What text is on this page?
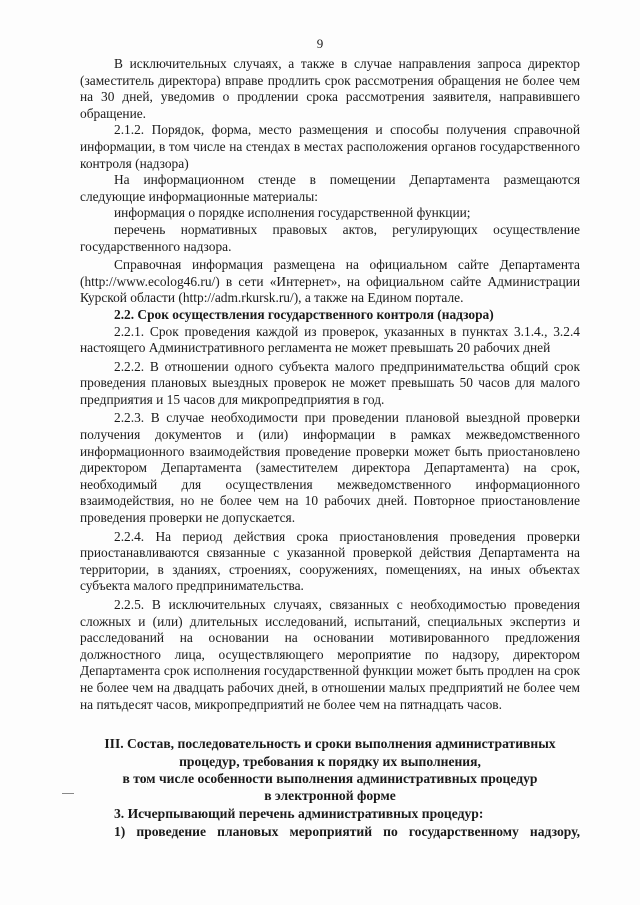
9

В исключительных случаях, а также в случае направления запроса директор (заместитель директора) вправе продлить срок рассмотрения обращения не более чем на 30 дней, уведомив о продлении срока рассмотрения заявителя, направившего обращение.

2.1.2. Порядок, форма, место размещения и способы получения справочной информации, в том числе на стендах в местах расположения органов государственного контроля (надзора)

На информационном стенде в помещении Департамента размещаются следующие информационные материалы:

информация о порядке исполнения государственной функции;

перечень нормативных правовых актов, регулирующих осуществление государственного надзора.

Справочная информация размещена на официальном сайте Департамента (http://www.ecolog46.ru/) в сети «Интернет», на официальном сайте Администрации Курской области (http://adm.rkursk.ru/), а также на Едином портале.

2.2. Срок осуществления государственного контроля (надзора)

2.2.1. Срок проведения каждой из проверок, указанных в пунктах 3.1.4., 3.2.4 настоящего Административного регламента не может превышать 20 рабочих дней

2.2.2. В отношении одного субъекта малого предпринимательства общий срок проведения плановых выездных проверок не может превышать 50 часов для малого предприятия и 15 часов для микропредприятия в год.

2.2.3. В случае необходимости при проведении плановой выездной проверки получения документов и (или) информации в рамках межведомственного информационного взаимодействия проведение проверки может быть приостановлено директором Департамента (заместителем директора Департамента) на срок, необходимый для осуществления межведомственного информационного взаимодействия, но не более чем на 10 рабочих дней. Повторное приостановление проведения проверки не допускается.

2.2.4. На период действия срока приостановления проведения проверки приостанавливаются связанные с указанной проверкой действия Департамента на территории, в зданиях, строениях, сооружениях, помещениях, на иных объектах субъекта малого предпринимательства.

2.2.5. В исключительных случаях, связанных с необходимостью проведения сложных и (или) длительных исследований, испытаний, специальных экспертиз и расследований на основании на основании мотивированного предложения должностного лица, осуществляющего мероприятие по надзору, директором Департамента срок исполнения государственной функции может быть продлен на срок не более чем на двадцать рабочих дней, в отношении малых предприятий не более чем на пятьдесят часов, микропредприятий не более чем на пятнадцать часов.

III. Состав, последовательность и сроки выполнения административных
процедур, требования к порядку их выполнения,
в том числе особенности выполнения административных процедур
в электронной форме

3. Исчерпывающий перечень административных процедур:

1) проведение плановых мероприятий по государственному надзору,
